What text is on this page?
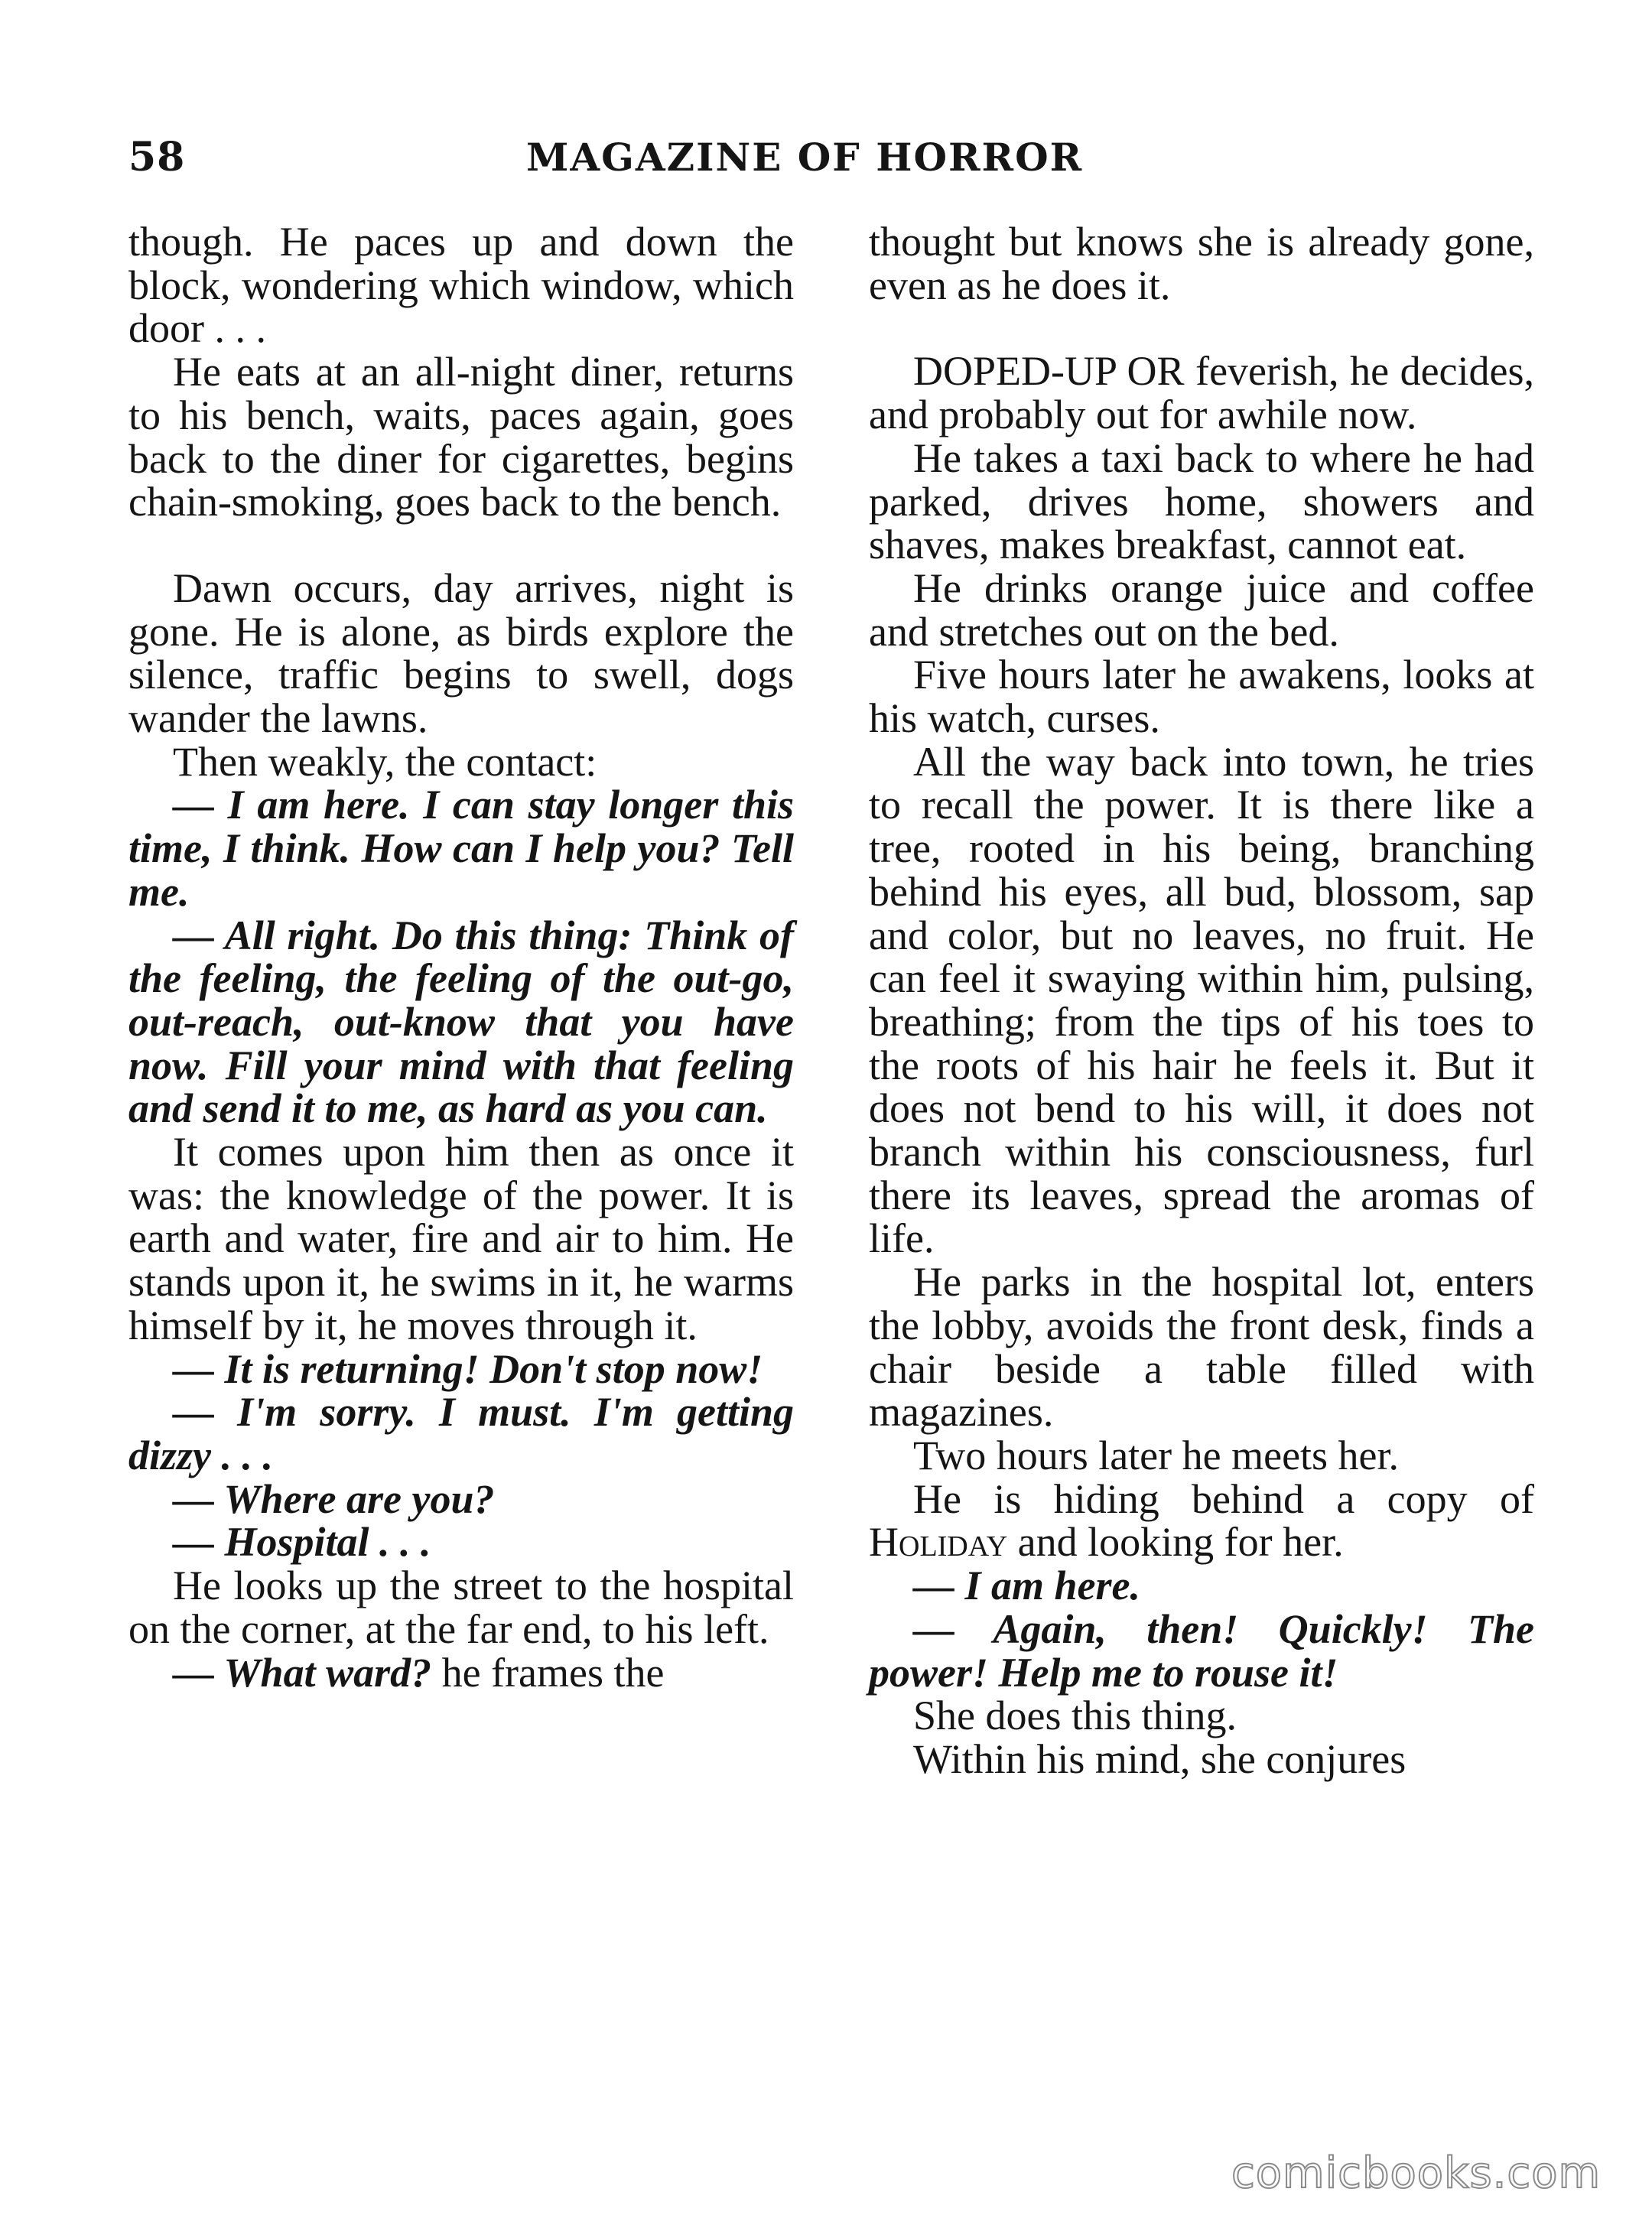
58	MAGAZINE OF HORROR

though. He paces up and down the block, wondering which window, which door . . .

He eats at an all-night diner, returns to his bench, waits, paces again, goes back to the diner for cigarettes, begins chain-smoking, goes back to the bench.

Dawn occurs, day arrives, night is gone. He is alone, as birds explore the silence, traffic begins to swell, dogs wander the lawns.

Then weakly, the contact:

— I am here. I can stay longer this time, I think. How can I help you? Tell me.

— All right. Do this thing: Think of the feeling, the feeling of the out-go, out-reach, out-know that you have now. Fill your mind with that feeling and send it to me, as hard as you can.

It comes upon him then as once it was: the knowledge of the power. It is earth and water, fire and air to him. He stands upon it, he swims in it, he warms himself by it, he moves through it.

— It is returning! Don't stop now!

— I'm sorry. I must. I'm getting dizzy . . .

— Where are you?

— Hospital . . .

He looks up the street to the hospital on the corner, at the far end, to his left.

— What ward? he frames the

thought but knows she is already gone, even as he does it.

DOPED-UP OR feverish, he decides, and probably out for awhile now.

He takes a taxi back to where he had parked, drives home, showers and shaves, makes breakfast, cannot eat.

He drinks orange juice and coffee and stretches out on the bed.

Five hours later he awakens, looks at his watch, curses.

All the way back into town, he tries to recall the power. It is there like a tree, rooted in his being, branching behind his eyes, all bud, blossom, sap and color, but no leaves, no fruit. He can feel it swaying within him, pulsing, breathing; from the tips of his toes to the roots of his hair he feels it. But it does not bend to his will, it does not branch within his consciousness, furl there its leaves, spread the aromas of life.

He parks in the hospital lot, enters the lobby, avoids the front desk, finds a chair beside a table filled with magazines.

Two hours later he meets her.

He is hiding behind a copy of Holiday and looking for her.

— I am here.

— Again, then! Quickly! The power! Help me to rouse it!

She does this thing.

Within his mind, she conjures

comicbooks.com
